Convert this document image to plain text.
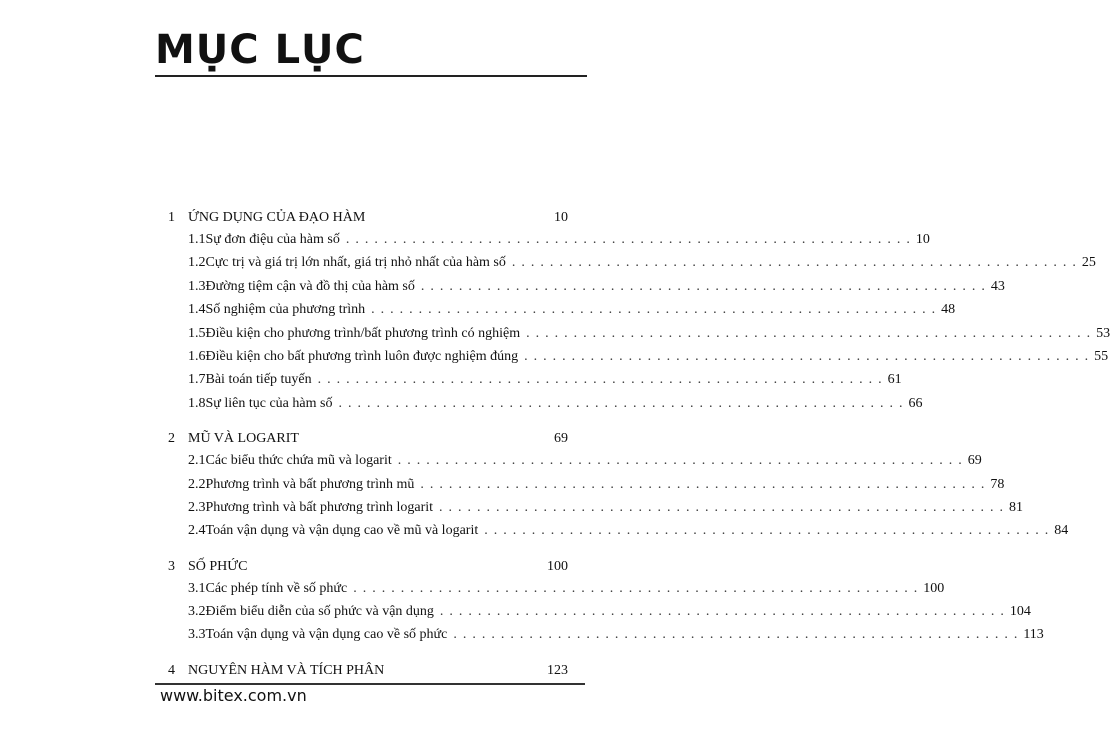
MỤC LỤC
1 ỨNG DỤNG CỦA ĐẠO HÀM	10
1.1 Sự đơn điệu của hàm số ............................................................ 10
1.2 Cực trị và giá trị lớn nhất, giá trị nhỏ nhất của hàm số ............................................................ 25
1.3 Đường tiệm cận và đồ thị của hàm số ............................................................ 43
1.4 Số nghiệm của phương trình ............................................................ 48
1.5 Điều kiện cho phương trình/bất phương trình có nghiệm ............................................................ 53
1.6 Điều kiện cho bất phương trình luôn được nghiệm đúng ............................................................ 55
1.7 Bài toán tiếp tuyến ............................................................ 61
1.8 Sự liên tục của hàm số ............................................................ 66
2 MŨ VÀ LOGARIT	69
2.1 Các biểu thức chứa mũ và logarit ............................................................ 69
2.2 Phương trình và bất phương trình mũ ............................................................ 78
2.3 Phương trình và bất phương trình logarit ............................................................ 81
2.4 Toán vận dụng và vận dụng cao về mũ và logarit ............................................................ 84
3 SỐ PHỨC	100
3.1 Các phép tính về số phức ............................................................ 100
3.2 Điểm biểu diễn của số phức và vận dụng ............................................................ 104
3.3 Toán vận dụng và vận dụng cao về số phức ............................................................ 113
4 NGUYÊN HÀM VÀ TÍCH PHÂN	123
www.bitex.com.vn
